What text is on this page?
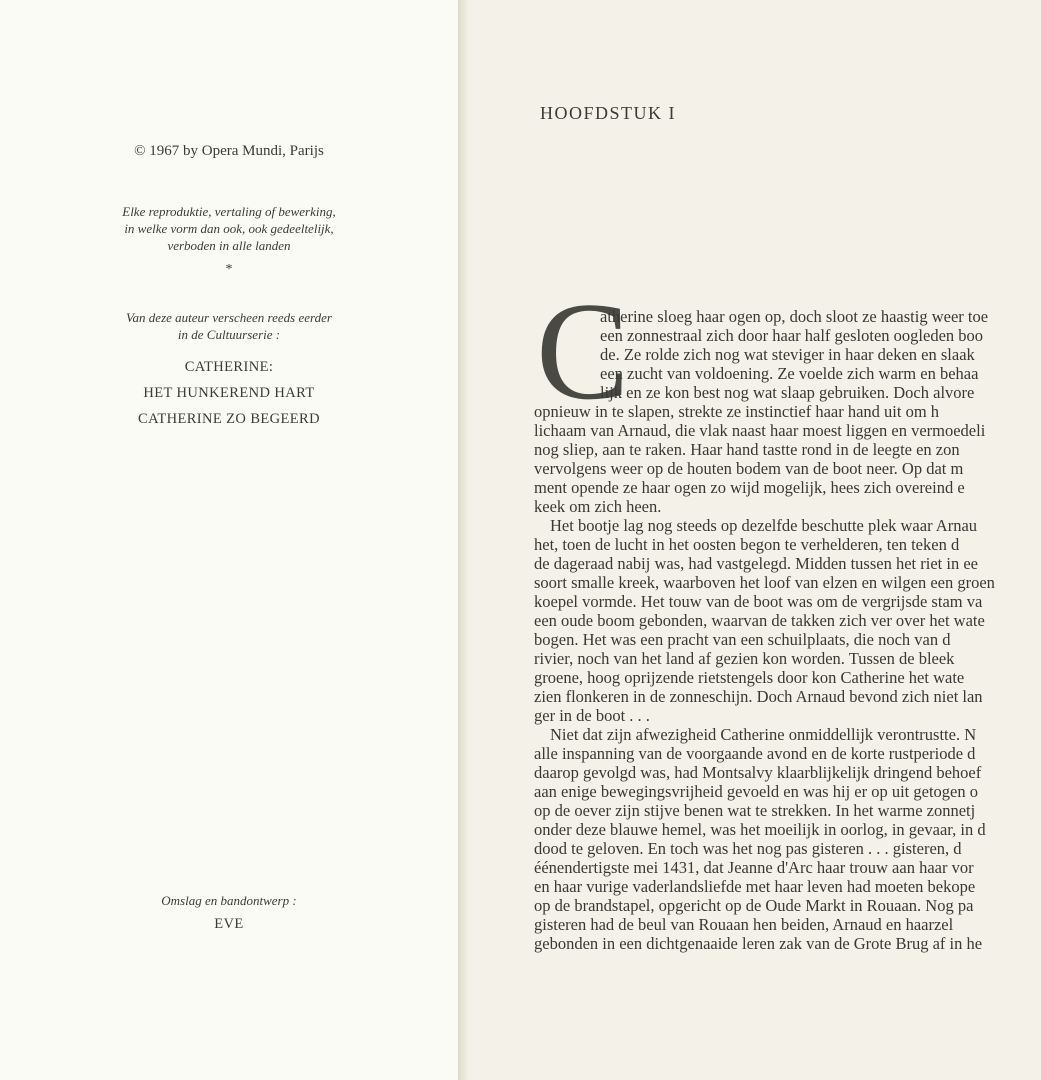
© 1967 by Opera Mundi, Parijs
Elke reproduktie, vertaling of bewerking,
in welke vorm dan ook, ook gedeeltelijk,
verboden in alle landen
*
Van deze auteur verscheen reeds eerder
in de Cultuurserie :
CATHERINE:
HET HUNKEREND HART
CATHERINE ZO BEGEERD
Omslag en bandontwerp :
EVE
HOOFDSTUK I
C
atherine sloeg haar ogen op, doch sloot ze haastig weer toe
een zonnestraal zich door haar half gesloten oogleden boo
de. Ze rolde zich nog wat steviger in haar deken en slaak
een zucht van voldoening. Ze voelde zich warm en behaa
lijk en ze kon best nog wat slaap gebruiken. Doch alvore
opnieuw in te slapen, strekte ze instinctief haar hand uit om h
lichaam van Arnaud, die vlak naast haar moest liggen en vermoedeli
nog sliep, aan te raken. Haar hand tastte rond in de leegte en zon
vervolgens weer op de houten bodem van de boot neer. Op dat m
ment opende ze haar ogen zo wijd mogelijk, hees zich overeind e
keek om zich heen.
Het bootje lag nog steeds op dezelfde beschutte plek waar Arnau
het, toen de lucht in het oosten begon te verhelderen, ten teken d
de dageraad nabij was, had vastgelegd. Midden tussen het riet in ee
soort smalle kreek, waarboven het loof van elzen en wilgen een groen
koepel vormde. Het touw van de boot was om de vergrijsde stam va
een oude boom gebonden, waarvan de takken zich ver over het wate
bogen. Het was een pracht van een schuilplaats, die noch van d
rivier, noch van het land af gezien kon worden. Tussen de bleek
groene, hoog oprijzende rietstengels door kon Catherine het wate
zien flonkeren in de zonneschijn. Doch Arnaud bevond zich niet lan
ger in de boot . . .
Niet dat zijn afwezigheid Catherine onmiddellijk verontrustte. N
alle inspanning van de voorgaande avond en de korte rustperiode d
daarop gevolgd was, had Montsalvy klaarblijkelijk dringend behoef
aan enige bewegingsvrijheid gevoeld en was hij er op uit getogen o
op de oever zijn stijve benen wat te strekken. In het warme zonnetj
onder deze blauwe hemel, was het moeilijk in oorlog, in gevaar, in d
dood te geloven. En toch was het nog pas gisteren . . . gisteren, d
éénendertigste mei 1431, dat Jeanne d'Arc haar trouw aan haar vor
en haar vurige vaderlandsliefde met haar leven had moeten bekope
op de brandstapel, opgericht op de Oude Markt in Rouaan. Nog pa
gisteren had de beul van Rouaan hen beiden, Arnaud en haarzel
gebonden in een dichtgenaaide leren zak van de Grote Brug af in he
